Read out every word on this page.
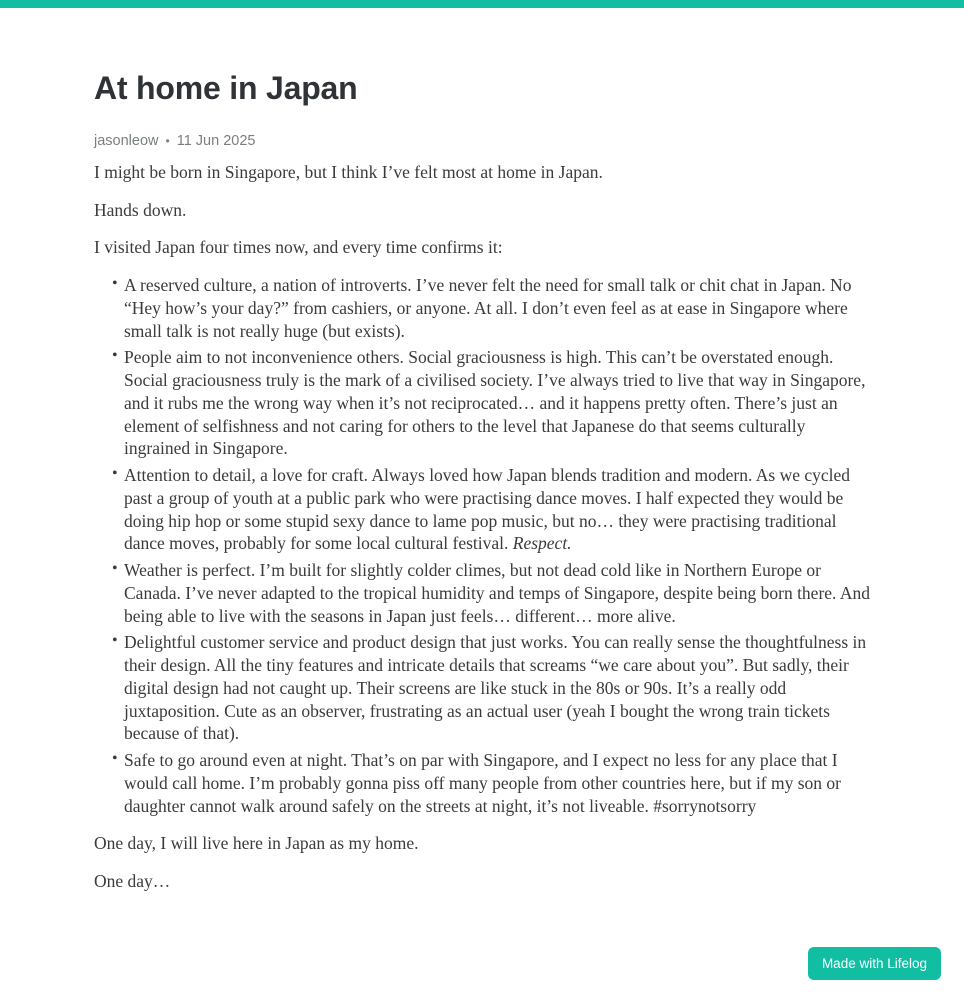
At home in Japan
jasonleow • 11 Jun 2025

I might be born in Singapore, but I think I’ve felt most at home in Japan.

Hands down.

I visited Japan four times now, and every time confirms it:

• A reserved culture, a nation of introverts. I’ve never felt the need for small talk or chit chat in Japan. No “Hey how’s your day?” from cashiers, or anyone. At all. I don’t even feel as at ease in Singapore where small talk is not really huge (but exists).
• People aim to not inconvenience others. Social graciousness is high. This can’t be overstated enough. Social graciousness truly is the mark of a civilised society. I’ve always tried to live that way in Singapore, and it rubs me the wrong way when it’s not reciprocated… and it happens pretty often. There’s just an element of selfishness and not caring for others to the level that Japanese do that seems culturally ingrained in Singapore.
• Attention to detail, a love for craft. Always loved how Japan blends tradition and modern. As we cycled past a group of youth at a public park who were practising dance moves. I half expected they would be doing hip hop or some stupid sexy dance to lame pop music, but no… they were practising traditional dance moves, probably for some local cultural festival. Respect.
• Weather is perfect. I’m built for slightly colder climes, but not dead cold like in Northern Europe or Canada. I’ve never adapted to the tropical humidity and temps of Singapore, despite being born there. And being able to live with the seasons in Japan just feels… different… more alive.
• Delightful customer service and product design that just works. You can really sense the thoughtfulness in their design. All the tiny features and intricate details that screams “we care about you”. But sadly, their digital design had not caught up. Their screens are like stuck in the 80s or 90s. It’s a really odd juxtaposition. Cute as an observer, frustrating as an actual user (yeah I bought the wrong train tickets because of that).
• Safe to go around even at night. That’s on par with Singapore, and I expect no less for any place that I would call home. I’m probably gonna piss off many people from other countries here, but if my son or daughter cannot walk around safely on the streets at night, it’s not liveable. #sorrynotsorry

One day, I will live here in Japan as my home.

One day…

Made with Lifelog
